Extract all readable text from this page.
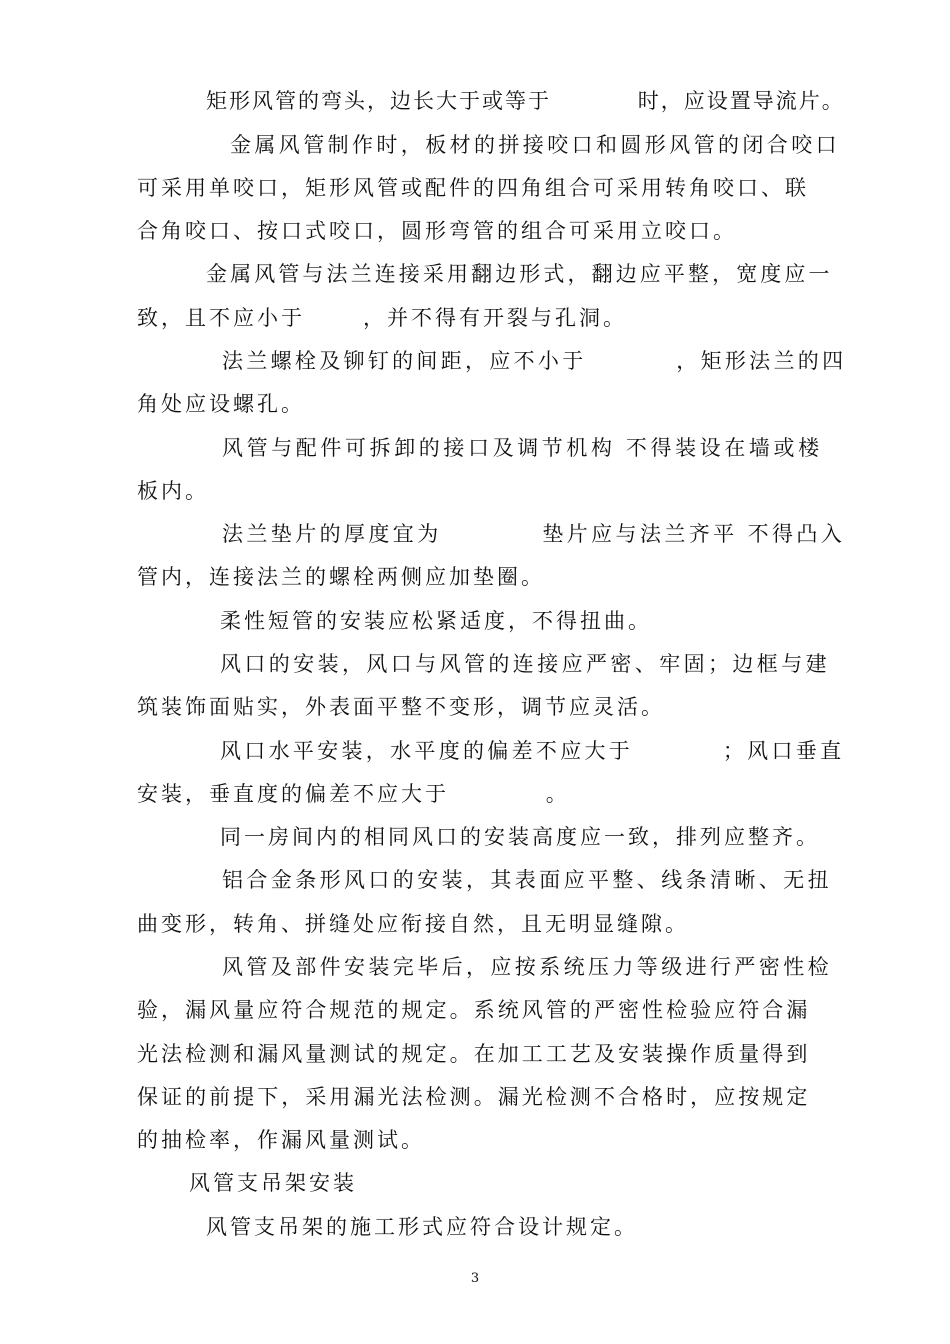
矩形风管的弯头，边长大于或等于          时，应设置导流片。
金属风管制作时，板材的拼接咬口和圆形风管的闭合咬口
可采用单咬口，矩形风管或配件的四角组合可采用转角咬口、联
合角咬口、按口式咬口，圆形弯管的组合可采用立咬口。
金属风管与法兰连接采用翻边形式，翻边应平整，宽度应一
致，且不应小于      ，并不得有开裂与孔洞。
法兰螺栓及铆钉的间距，应不小于         ，矩形法兰的四
角处应设螺孔。
风管与配件可拆卸的接口及调节机构 不得装设在墙或楼
板内。
法兰垫片的厚度宜为          垫片应与法兰齐平 不得凸入
管内，连接法兰的螺栓两侧应加垫圈。
柔性短管的安装应松紧适度，不得扭曲。
风口的安装，风口与风管的连接应严密、牢固；边框与建
筑装饰面贴实，外表面平整不变形，调节应灵活。
风口水平安装，水平度的偏差不应大于         ；风口垂直
安装，垂直度的偏差不应大于          。
同一房间内的相同风口的安装高度应一致，排列应整齐。
铝合金条形风口的安装，其表面应平整、线条清晰、无扭
曲变形，转角、拼缝处应衔接自然，且无明显缝隙。
风管及部件安装完毕后，应按系统压力等级进行严密性检
验，漏风量应符合规范的规定。系统风管的严密性检验应符合漏
光法检测和漏风量测试的规定。在加工工艺及安装操作质量得到
保证的前提下，采用漏光法检测。漏光检测不合格时，应按规定
的抽检率，作漏风量测试。
风管支吊架安装
风管支吊架的施工形式应符合设计规定。
3
